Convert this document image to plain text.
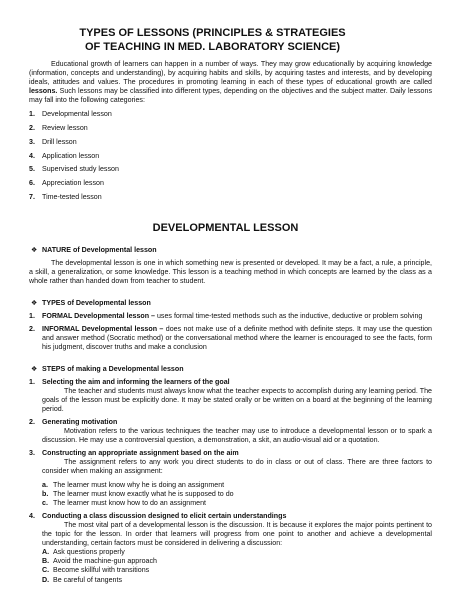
TYPES OF LESSONS (PRINCIPLES & STRATEGIES
OF TEACHING IN MED. LABORATORY SCIENCE)

Educational growth of learners can happen in a number of ways. They may grow educationally by acquiring knowledge (information, concepts and understanding), by acquiring habits and skills, by acquiring tastes and interests, and by developing ideals, attitudes and values. The procedures in promoting learning in each of these types of educational growth are called lessons. Such lessons may be classified into different types, depending on the objectives and the subject matter. Daily lessons may fall into the following categories:

1. Developmental lesson
2. Review lesson
3. Drill lesson
4. Application lesson
5. Supervised study lesson
6. Appreciation lesson
7. Time-tested lesson
DEVELOPMENTAL LESSON
❖ NATURE of Developmental lesson

The developmental lesson is one in which something new is presented or developed. It may be a fact, a rule, a principle, a skill, a generalization, or some knowledge. This lesson is a teaching method in which concepts are learned by the class as a whole rather than handed down from teacher to student.

❖ TYPES of Developmental lesson
1. FORMAL Developmental lesson – uses formal time-tested methods such as the inductive, deductive or problem solving
2. INFORMAL Developmental lesson – does not make use of a definite method with definite steps. It may use the question and answer method (Socratic method) or the conversational method where the learner is encouraged to see the facts, form his judgment, discover truths and make a conclusion
❖ STEPS of making a Developmental lesson
1. Selecting the aim and informing the learners of the goal
The teacher and students must always know what the teacher expects to accomplish during any learning period. The goals of the lesson must be explicitly done. It may be stated orally or be written on a board at the beginning of the learning period.
2. Generating motivation
Motivation refers to the various techniques the teacher may use to introduce a developmental lesson or to spark a discussion. He may use a controversial question, a demonstration, a skit, an audio-visual aid or a quotation.
3. Constructing an appropriate assignment based on the aim
The assignment refers to any work you direct students to do in class or out of class. There are three factors to consider when making an assignment:
a. The learner must know why he is doing an assignment
b. The learner must know exactly what he is supposed to do
c. The learner must know how to do an assignment
4. Conducting a class discussion designed to elicit certain understandings
The most vital part of a developmental lesson is the discussion. It is because it explores the major points pertinent to the topic for the lesson. In order that learners will progress from one point to another and achieve a developmental understanding, certain factors must be considered in delivering a discussion:
A. Ask questions properly
B. Avoid the machine-gun approach
C. Become skillful with transitions
D. Be careful of tangents
